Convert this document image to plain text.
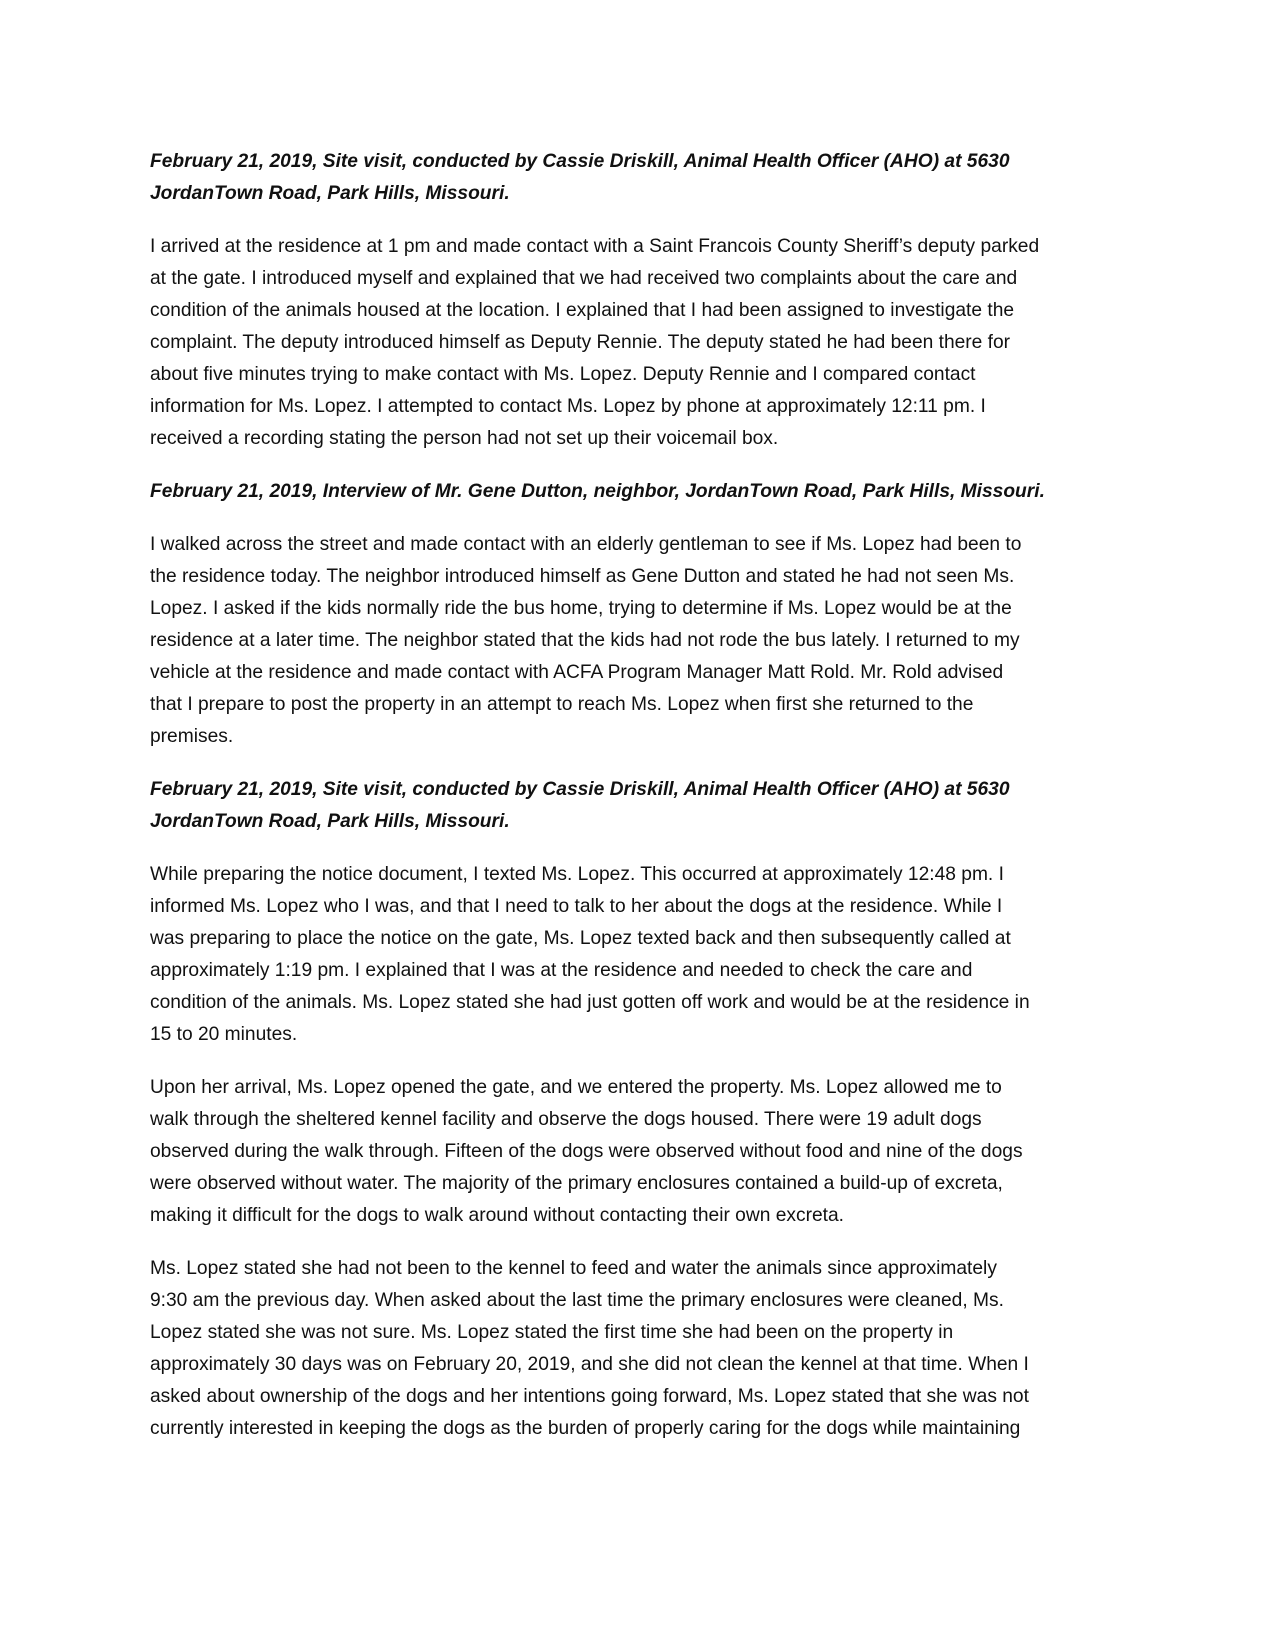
February 21, 2019, Site visit, conducted by Cassie Driskill, Animal Health Officer (AHO) at 5630
JordanTown Road, Park Hills, Missouri.
I arrived at the residence at 1 pm and made contact with a Saint Francois County Sheriff’s deputy parked
at the gate. I introduced myself and explained that we had received two complaints about the care and
condition of the animals housed at the location. I explained that I had been assigned to investigate the
complaint. The deputy introduced himself as Deputy Rennie. The deputy stated he had been there for
about five minutes trying to make contact with Ms. Lopez. Deputy Rennie and I compared contact
information for Ms. Lopez. I attempted to contact Ms. Lopez by phone at approximately 12:11 pm. I
received a recording stating the person had not set up their voicemail box.
February 21, 2019, Interview of Mr. Gene Dutton, neighbor, JordanTown Road, Park Hills, Missouri.
I walked across the street and made contact with an elderly gentleman to see if Ms. Lopez had been to
the residence today. The neighbor introduced himself as Gene Dutton and stated he had not seen Ms.
Lopez. I asked if the kids normally ride the bus home, trying to determine if Ms. Lopez would be at the
residence at a later time. The neighbor stated that the kids had not rode the bus lately. I returned to my
vehicle at the residence and made contact with ACFA Program Manager Matt Rold. Mr. Rold advised
that I prepare to post the property in an attempt to reach Ms. Lopez when first she returned to the
premises.
February 21, 2019, Site visit, conducted by Cassie Driskill, Animal Health Officer (AHO) at 5630
JordanTown Road, Park Hills, Missouri.
While preparing the notice document, I texted Ms. Lopez. This occurred at approximately 12:48 pm. I
informed Ms. Lopez who I was, and that I need to talk to her about the dogs at the residence. While I
was preparing to place the notice on the gate, Ms. Lopez texted back and then subsequently called at
approximately 1:19 pm. I explained that I was at the residence and needed to check the care and
condition of the animals. Ms. Lopez stated she had just gotten off work and would be at the residence in
15 to 20 minutes.
Upon her arrival, Ms. Lopez opened the gate, and we entered the property. Ms. Lopez allowed me to
walk through the sheltered kennel facility and observe the dogs housed. There were 19 adult dogs
observed during the walk through. Fifteen of the dogs were observed without food and nine of the dogs
were observed without water. The majority of the primary enclosures contained a build-up of excreta,
making it difficult for the dogs to walk around without contacting their own excreta.
Ms. Lopez stated she had not been to the kennel to feed and water the animals since approximately
9:30 am the previous day. When asked about the last time the primary enclosures were cleaned, Ms.
Lopez stated she was not sure. Ms. Lopez stated the first time she had been on the property in
approximately 30 days was on February 20, 2019, and she did not clean the kennel at that time. When I
asked about ownership of the dogs and her intentions going forward, Ms. Lopez stated that she was not
currently interested in keeping the dogs as the burden of properly caring for the dogs while maintaining
